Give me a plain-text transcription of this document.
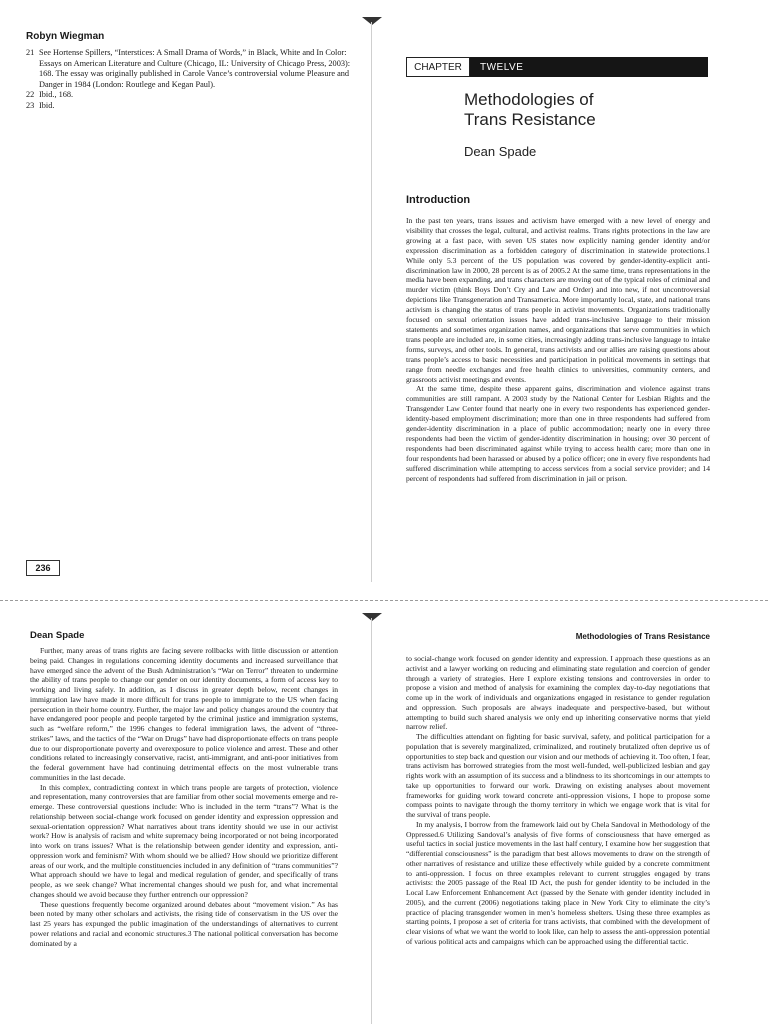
Robyn Wiegman
21 See Hortense Spillers, “Interstices: A Small Drama of Words,” in Black, White and In Color: Essays on American Literature and Culture (Chicago, IL: University of Chicago Press, 2003): 168. The essay was originally published in Carole Vance’s controversial volume Pleasure and Danger in 1984 (London: Routlege and Kegan Paul).
22 Ibid., 168.
23 Ibid.
236
CHAPTER	TWELVE
Methodologies of
Trans Resistance
Dean Spade
Introduction

In the past ten years, trans issues and activism have emerged with a new level of energy and visibility that crosses the legal, cultural, and activist realms. Trans rights protections in the law are growing at a fast pace, with seven US states now explicitly naming gender identity and/or expression discrimination as a forbidden category of discrimination in statewide protections.1 While only 5.3 percent of the US population was covered by gender-identity-explicit anti-discrimination law in 2000, 28 percent is as of 2005.2 At the same time, trans representations in the media have been expanding, and trans characters are moving out of the typical roles of criminal and murder victim (think Boys Don’t Cry and Law and Order) and into new, if not uncontroversial depictions like Transgeneration and Transamerica. More importantly local, state, and national trans activism is changing the status of trans people in activist movements. Organizations traditionally focused on sexual orientation issues have added trans-inclusive language to their mission statements and sometimes organization names, and organizations that serve communities in which trans people are included are, in some cities, increasingly adding trans-inclusive language to intake forms, surveys, and other tools. In general, trans activists and our allies are raising questions about trans people’s access to basic necessities and participation in political movements in settings that range from needle exchanges and free health clinics to universities, community centers, and grassroots activist meetings and events.

At the same time, despite these apparent gains, discrimination and violence against trans communities are still rampant. A 2003 study by the National Center for Lesbian Rights and the Transgender Law Center found that nearly one in every two respondents has experienced gender-identity-based employment discrimination; more than one in three respondents had suffered from gender-identity discrimination in a place of public accommodation; nearly one in every three respondents had been the victim of gender-identity discrimination in housing; over 30 percent of respondents had been discriminated against while trying to access health care; more than one in four respondents had been harassed or abused by a police officer; one in every five respondents had suffered discrimination while attempting to access services from a social service provider; and 14 percent of respondents had suffered from discrimination in jail or prison.

Dean Spade

Further, many areas of trans rights are facing severe rollbacks with little discussion or attention being paid. Changes in regulations concerning identity documents and increased surveillance that have emerged since the advent of the Bush Administration’s “War on Terror” threaten to undermine the ability of trans people to change our gender on our identity documents, a form of access key to working and living safely. In addition, as I discuss in greater depth below, recent changes in immigration law have made it more difficult for trans people to immigrate to the US when facing persecution in their home country. Further, the major law and policy changes around the country that have endangered poor people and people targeted by the criminal justice and immigration systems, such as “welfare reform,” the 1996 changes to federal immigration laws, the advent of “three-strikes” laws, and the tactics of the “War on Drugs” have had disproportionate effects on trans people due to our disproportionate poverty and overexposure to police violence and arrest. These and other conditions related to increasingly conservative, racist, anti-immigrant, and anti-poor initiatives from the federal government have had continuing detrimental effects on the most vulnerable trans communities in the last decade.

In this complex, contradicting context in which trans people are targets of protection, violence and representation, many controversies that are familiar from other social movements emerge and re-emerge. These controversial questions include: Who is included in the term “trans”? What is the relationship between social-change work focused on gender identity and expression oppression and sexual-orientation oppression? What narratives about trans identity should we use in our activist work? How is analysis of racism and white supremacy being incorporated or not being incorporated into work on trans issues? What is the relationship between gender identity and expression, anti-oppression work and feminism? With whom should we be allied? How should we prioritize different areas of our work, and the multiple constituencies included in any definition of “trans communities”? What approach should we have to legal and medical regulation of gender, and specifically of trans people, as we seek change? What incremental changes should we push for, and what incremental changes should we avoid because they further entrench our oppression?

These questions frequently become organized around debates about “movement vision.” As has been noted by many other scholars and activists, the rising tide of conservatism in the US over the last 25 years has expunged the public imagination of the understandings of alternatives to current power relations and racial and economic structures.3 The national political conversation has become dominated by a

Methodologies of Trans Resistance

to social-change work focused on gender identity and expression. I approach these questions as an activist and a lawyer working on reducing and eliminating state regulation and coercion of gender through a variety of strategies. Here I explore existing tensions and controversies in order to propose a vision and method of analysis for examining the complex day-to-day negotiations that come up in the work of individuals and organizations engaged in resistance to gender regulation and oppression. Such proposals are always inadequate and perspective-based, but without attempting to build such shared analysis we only end up inheriting conservative norms that yield narrow relief.

The difficulties attendant on fighting for basic survival, safety, and political participation for a population that is severely marginalized, criminalized, and routinely brutalized often deprive us of opportunities to step back and question our vision and our methods of achieving it. Too often, I fear, trans activism has borrowed strategies from the most well-funded, well-publicized lesbian and gay rights work with an assumption of its success and a blindness to its shortcomings in our attempts to take up opportunities to forward our work. Drawing on existing analyses about movement frameworks for guiding work toward concrete anti-oppression visions, I hope to propose some compass points to navigate through the thorny territory in which we engage work that is vital for the survival of trans people.

In my analysis, I borrow from the framework laid out by Chela Sandoval in Methodology of the Oppressed.6 Utilizing Sandoval’s analysis of five forms of consciousness that have emerged as useful tactics in social justice movements in the last half century, I examine how her suggestion that “differential consciousness” is the paradigm that best allows movements to draw on the strength of other narratives of resistance and utilize these effectively while guided by a concrete commitment to anti-oppression. I focus on three examples relevant to current struggles engaged by trans activists: the 2005 passage of the Real ID Act, the push for gender identity to be included in the Local Law Enforcement Enhancement Act (passed by the Senate with gender identity included in 2005), and the current (2006) negotiations taking place in New York City to eliminate the city’s practice of placing transgender women in men’s homeless shelters. Using these three examples as starting points, I propose a set of criteria for trans activists, that combined with the development of clear visions of what we want the world to look like, can help to assess the anti-oppression potential of various political acts and campaigns which can be approached using the differential tactic.
